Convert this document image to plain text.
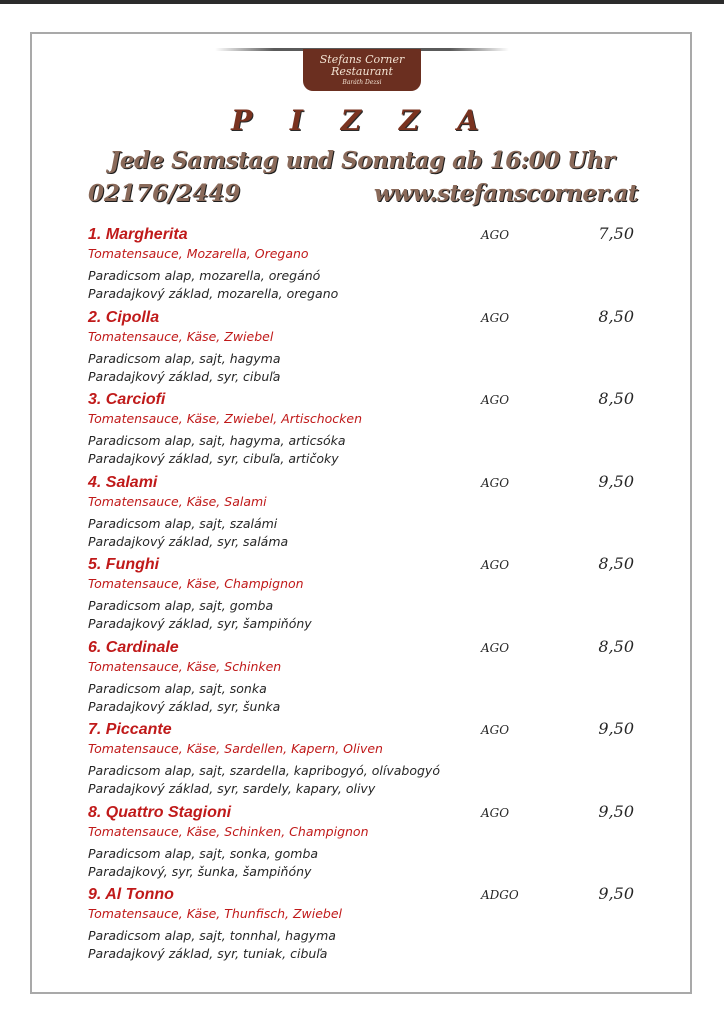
Stefans Corner
Restaurant
Baráth Dezsi
P I Z Z A
Jede Samstag und Sonntag ab 16:00 Uhr
02176/2449	www.stefanscorner.at
1. Margherita
Tomatensauce, Mozarella, Oregano
Paradicsom alap, mozarella, oregánó
Paradajkový základ, mozarella, oregano
AGO	7,50
2. Cipolla
Tomatensauce, Käse, Zwiebel
Paradicsom alap, sajt, hagyma
Paradajkový základ, syr, cibuľa
AGO	8,50
3. Carciofi
Tomatensauce, Käse, Zwiebel, Artischocken
Paradicsom alap, sajt, hagyma, articsóka
Paradajkový základ, syr, cibuľa, artičoky
AGO	8,50
4. Salami
Tomatensauce, Käse, Salami
Paradicsom alap, sajt, szalámi
Paradajkový základ, syr, saláma
AGO	9,50
5. Funghi
Tomatensauce, Käse, Champignon
Paradicsom alap, sajt, gomba
Paradajkový základ, syr, šampiňóny
AGO	8,50
6. Cardinale
Tomatensauce, Käse, Schinken
Paradicsom alap, sajt, sonka
Paradajkový základ, syr, šunka
AGO	8,50
7. Piccante
Tomatensauce, Käse, Sardellen, Kapern, Oliven
Paradicsom alap, sajt, szardella, kapribogyó, olívabogyó
Paradajkový základ, syr, sardely, kapary, olivy
AGO	9,50
8. Quattro Stagioni
Tomatensauce, Käse, Schinken, Champignon
Paradicsom alap, sajt, sonka, gomba
Paradajkový, syr, šunka, šampiňóny
AGO	9,50
9. Al Tonno
Tomatensauce, Käse, Thunfisch, Zwiebel
Paradicsom alap, sajt, tonnhal, hagyma
Paradajkový základ, syr, tuniak, cibuľa
ADGO	9,50
